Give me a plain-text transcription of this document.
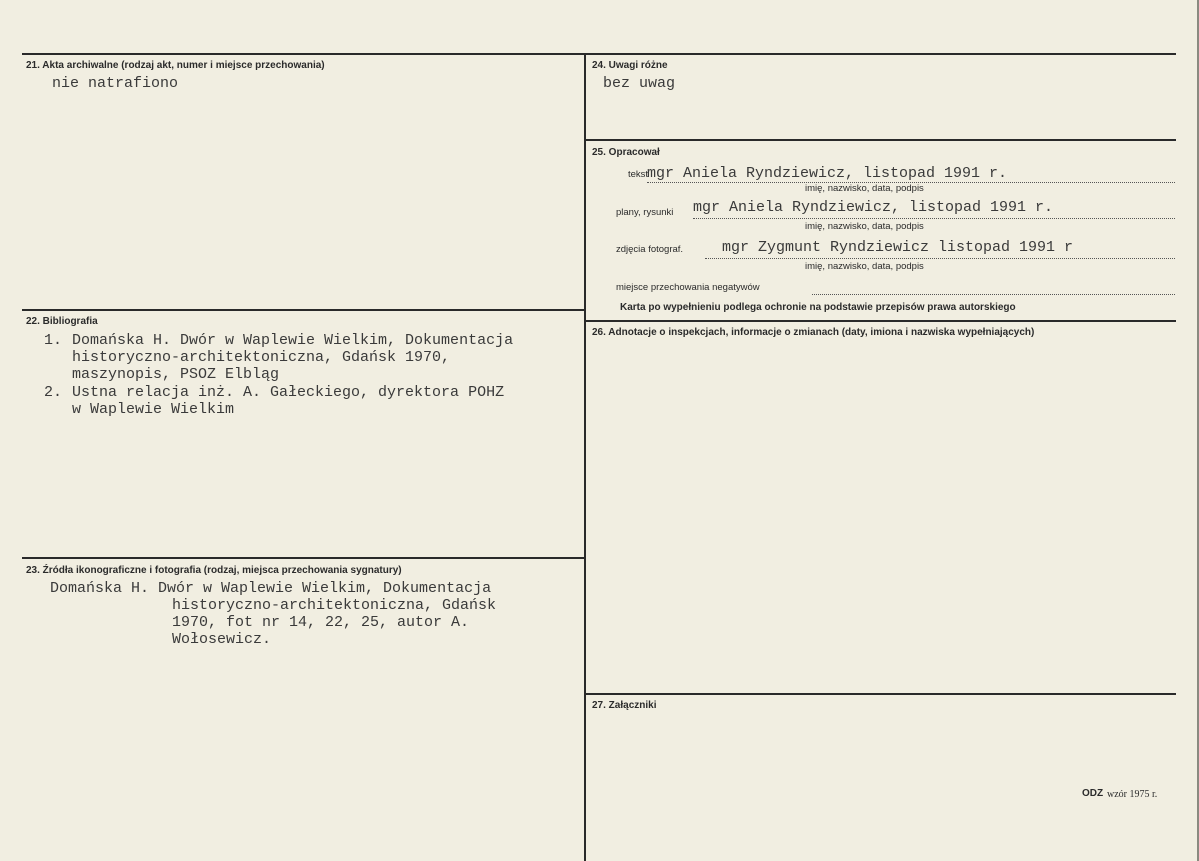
21. Akta archiwalne (rodzaj akt, numer i miejsce przechowania)
nie natrafiono
22. Bibliografia
1. Domańska H. Dwór w Waplewie Wielkim, Dokumentacja
historyczno-architektoniczna, Gdańsk 1970,
maszynopis, PSOZ Elbląg
2. Ustna relacja inż. A. Gałeckiego, dyrektora POHZ
w Waplewie Wielkim
23. Źródła ikonograficzne i fotografia (rodzaj, miejsca przechowania sygnatury)
Domańska H. Dwór w Waplewie Wielkim, Dokumentacja
historyczno-architektoniczna, Gdańsk
1970, fot nr 14, 22, 25, autor A.
Wołosewicz.
24. Uwagi różne
bez uwag
25. Opracował
tekst
mgr Aniela Ryndziewicz, listopad 1991 r.
imię, nazwisko, data, podpis
plany, rysunki mgr Aniela Ryndziewicz, listopad 1991 r.
imię, nazwisko, data, podpis
zdjęcia fotograf.	mgr Zygmunt Ryndziewicz listopad 1991 r
imię, nazwisko, data, podpis
miejsce przechowania negatywów
Karta po wypełnieniu podlega ochronie na podstawie przepisów prawa autorskiego
26. Adnotacje o inspekcjach, informacje o zmianach (daty, imiona i nazwiska wypełniających)
27. Załączniki
ODZ wzór 1975 r.
